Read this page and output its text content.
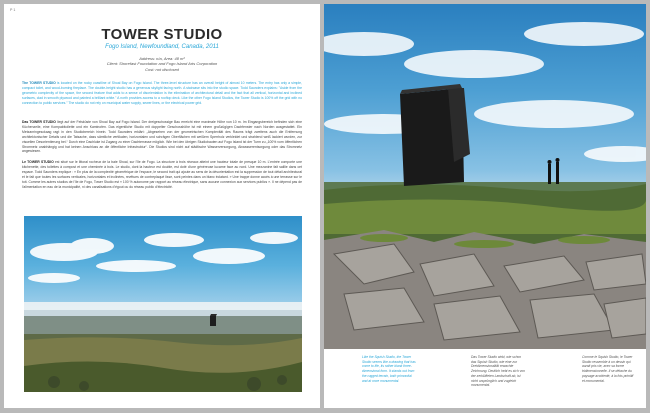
P 1
TOWER STUDIO
Fogo Island, Newfoundland, Canada, 2011
Address: n/a, Area: 48 m²
Client: Shorefast Foundation and Fogo Island Arts Corporation
Cost: not disclosed

The TOWER STUDIO is located on the rocky coastline of Shoal Bay on Fogo Island. The three-level structure has an overall height of almost 10 meters. The entry has only a simple, compact toilet, and wood-burning fireplace. The double-height studio has a generous skylight facing north. A staircase sits into the studio space. Todd Saunders explains: "Aside from the geometric complexity of the space, the second feature that adds to a sense of disorientation is the elimination of architectural detail and the fact that all vertical, horizontal and inclined surfaces, clad in smooth plywood and painted a brilliant white." A north provides access to a rooftop deck. Like the other Fogo Island Studios, the Tower Studio is 100% off the grid with no connection to public services." The studio do not rely on municipal water supply, sewer lines, or the electrical power grid.

Das TOWER STUDIO liegt auf der Felsküste von Shoal Bay auf Fogo Island. Der dreigeschossige Bau erreicht eine maximale Höhe von 10 m. Im Eingangsbereich befinden sich eine Küchenzeile, eine Kompakttoilette und ein Kaminofen. Das eigentliche Studio mit doppelter Geschosshöhe ist mit einem großzügigen Dachfenster nach Norden ausgestattet. Ein Metzanringesckaag ragt in den Studiobereich hinein. Todd Saunders erklärt: „Abgesehen von der geometrischen Komplexität des Raums trägt zweitens auch die Entfernung architektonischer Details und die Tatsache, dass sämtliche vertikalen, horizontalen und schrägen Oberflächen mit weißem Sperrholz verkleidet und strahlend weiß lackiert wurden, zur visuellen Desorientierung bei.“ Durch eine Dachluke ist Zugang zu einer Dachterrasse möglich. Wie bei den übrigen Studiobauten auf Fogo Island ist der Turm zu „100% vom öffentlichen Stromnetz unabhängig und hat keinen Anschluss an die öffentliche Infrastruktur“. Die Studios sind nicht auf städtische Wasserversorgung, Abwasserentsorgung oder das Stromnetz angewiesen.

Le TOWER STUDIO est situé sur le littoral rocheux de la baie Shoal, sur l'île de Fogo. La structure à trois niveaux atteint une hauteur totale de presque 10 m. L'entrée comporte une kitchenette, des toilettes à compost et une cheminée à bois. Le studio, dont la hauteur est double, est doté d'une généreuse lucarne face au nord. Une mezzanine fait saillie dans cet espace. Todd Saunders explique : « En plus de la complexité géométrique de l'espace, le second trait qui ajoute au sens de la désorientation est la suppression de tout détail architectural et le fait que toutes les surfaces verticales, horizontales et inclinées, revêtues de contreplaqué lisse, sont peintes dans un blanc éclatant. » Une trappe donne accès à une terrasse sur le toit. Comme les autres studios de l'île de Fogo, Tower Studio est « 100 % autonome par rapport au réseau électrique, sans aucune connexion aux services publics ». Il ne dépend pas de l'alimentation en eau de la municipalité, ni des canalisations d'égout ou du réseau public d'électricité.

Like the Squish Studio, the Tower Studio seems like a drawing that has come to life, its rather blank three-dimensional form. It stands out from the rugged terrain, both primordial and at once monumental.

Das Tower Studio wirkt, wie schon das Squish Studio, wie eine zur Dreidimensionalität erwachte Zeichnung. Deutlich hebt es sich von der zerklüfteten Landschaft ab, ist nicht ursprünglich und zugleich monumental.

Comme le Squish Studio, le Tower Studio ressemble à un dessin qui aurait pris vie, avec sa forme tridimensionnelle. Il se détache du paysage accidenté, à la fois primitif et monumental.
